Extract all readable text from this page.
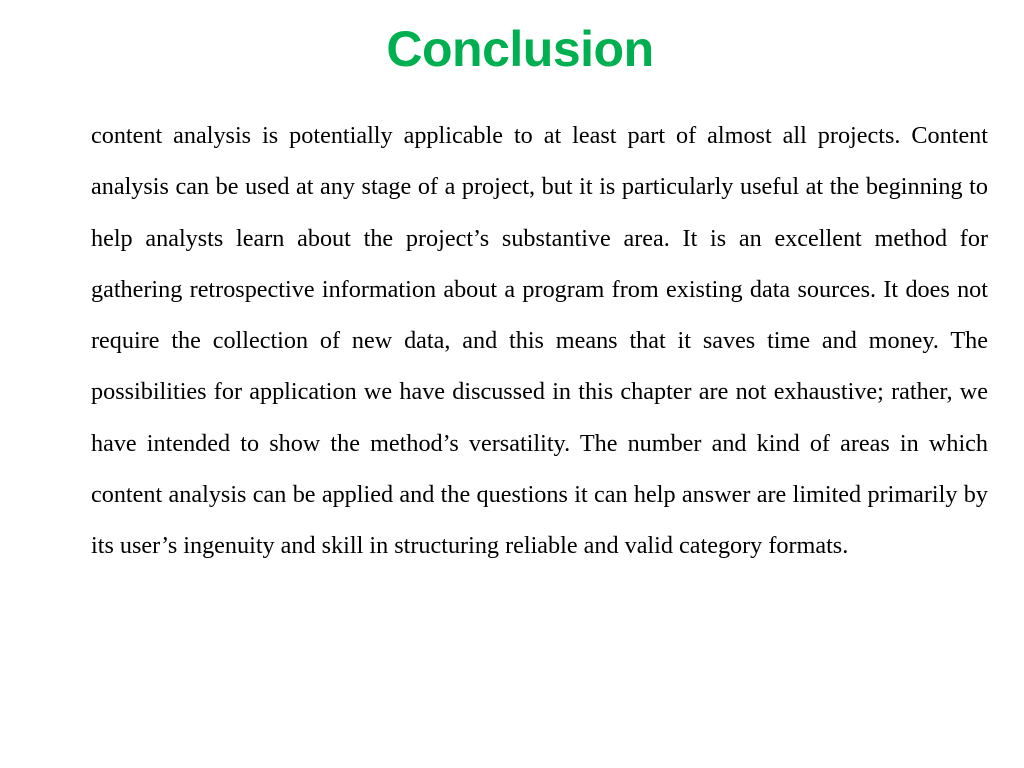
Conclusion

content analysis is potentially applicable to at least part of almost all projects. Content analysis can be used at any stage of a project, but it is particularly useful at the beginning to help analysts learn about the project’s substantive area. It is an excellent method for gathering retrospective information about a program from existing data sources. It does not require the collection of new data, and this means that it saves time and money. The possibilities for application we have discussed in this chapter are not exhaustive; rather, we have intended to show the method’s versatility. The number and kind of areas in which content analysis can be applied and the questions it can help answer are limited primarily by its user’s ingenuity and skill in structuring reliable and valid category formats.
